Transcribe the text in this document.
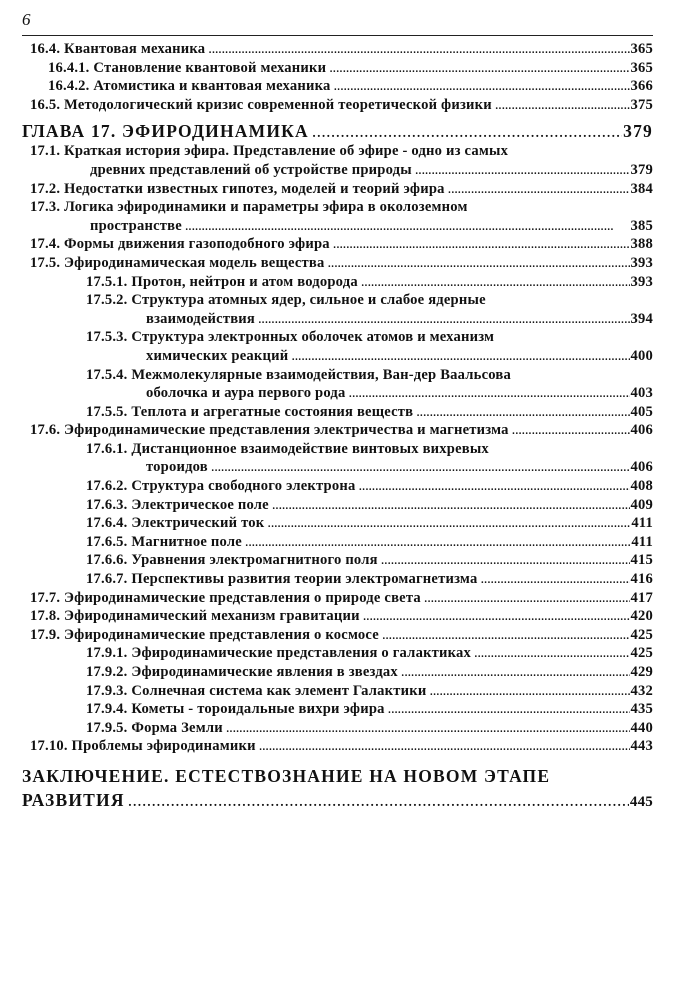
6
16.4. Квантовая механика . . .	365
16.4.1. Становление квантовой механики . . .	365
16.4.2. Атомистика и квантовая механика . . .	366
16.5. Методологический кризис современной теоретической физики . . .	375
ГЛАВА 17. ЭФИРОДИНАМИКА . . .	379
17.1. Краткая история эфира. Представление об эфире - одно из самых
древних представлений об устройстве природы . . .	379
17.2. Недостатки известных гипотез, моделей и теорий эфира . . .	384
17.3. Логика эфиродинамики и параметры эфира в околоземном
пространстве . . .	385
17.4. Формы движения газоподобного эфира . . .	388
17.5. Эфиродинамическая модель вещества . . .	393
17.5.1. Протон, нейтрон и атом водорода . . .	393
17.5.2. Структура атомных ядер, сильное и слабое ядерные
взаимодействия . . .	394
17.5.3. Структура электронных оболочек атомов и механизм
химических реакций . . .	400
17.5.4. Межмолекулярные взаимодействия, Ван-дер Ваальсова
оболочка и аура первого рода . . .	403
17.5.5. Теплота и агрегатные состояния веществ . . .	405
17.6. Эфиродинамические представления электричества и магнетизма . . .	406
17.6.1. Дистанционное взаимодействие винтовых вихревых
тороидов . . .	406
17.6.2. Структура свободного электрона . . .	408
17.6.3. Электрическое поле . . .	409
17.6.4. Электрический ток . . .	411
17.6.5. Магнитное поле . . .	411
17.6.6. Уравнения электромагнитного поля . . .	415
17.6.7. Перспективы развития теории электромагнетизма . . .	416
17.7. Эфиродинамические представления о природе света . . .	417
17.8. Эфиродинамический механизм гравитации . . .	420
17.9. Эфиродинамические представления о космосе . . .	425
17.9.1. Эфиродинамические представления о галактиках . . .	425
17.9.2. Эфиродинамические явления в звездах . . .	429
17.9.3. Солнечная система как элемент Галактики . . .	432
17.9.4. Кометы - тороидальные вихри эфира . . .	435
17.9.5. Форма Земли . . .	440
17.10. Проблемы эфиродинамики . . .	443
ЗАКЛЮЧЕНИЕ. ЕСТЕСТВОЗНАНИЕ НА НОВОМ ЭТАПЕ
РАЗВИТИЯ . . .	445
